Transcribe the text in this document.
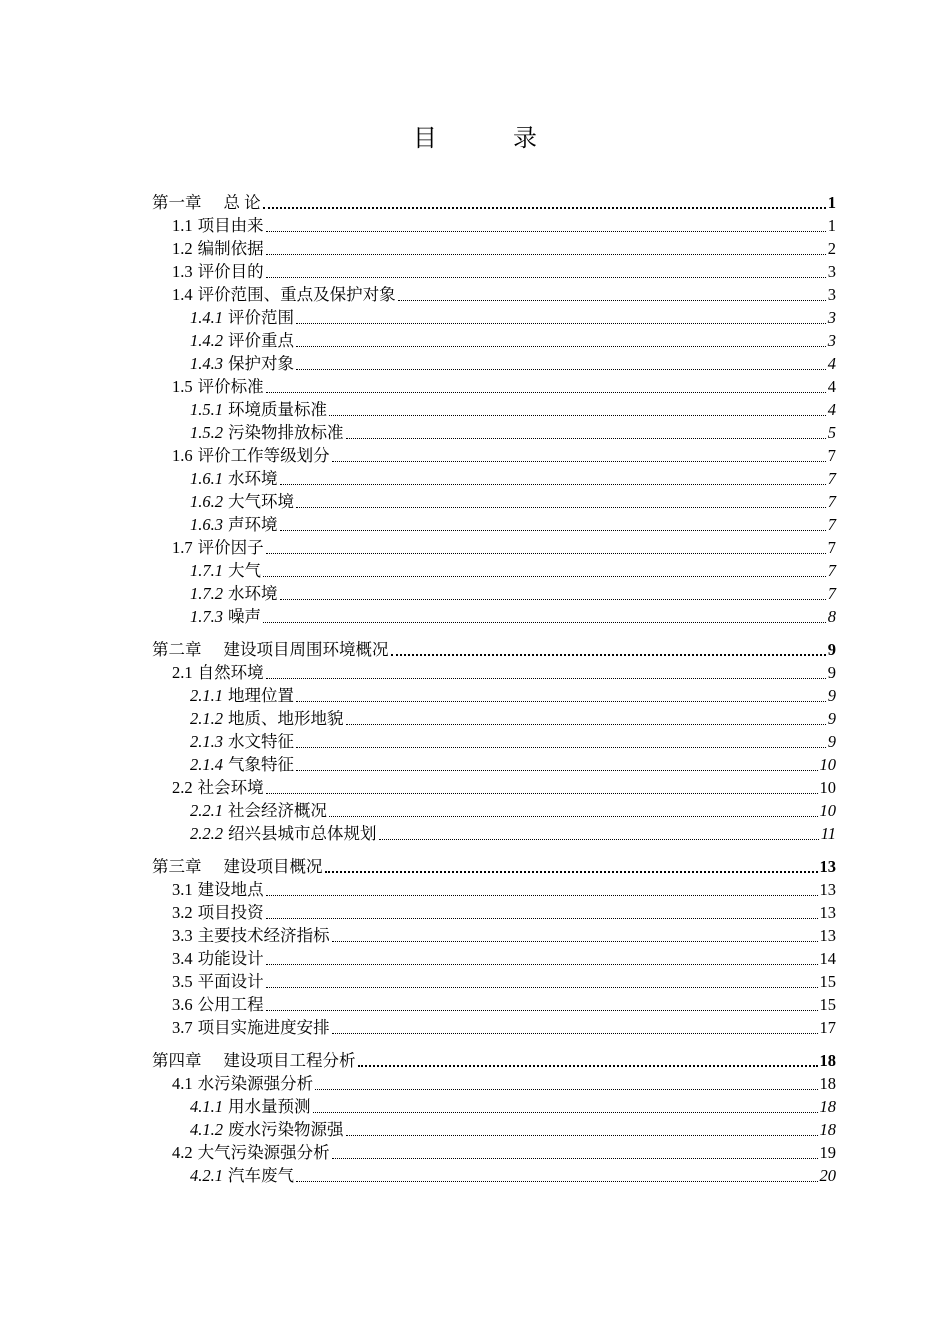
目　录
第一章 总 论	1
1.1 项目由来	1
1.2 编制依据	2
1.3 评价目的	3
1.4 评价范围、重点及保护对象	3
1.4.1 评价范围	3
1.4.2 评价重点	3
1.4.3 保护对象	4
1.5 评价标准	4
1.5.1 环境质量标准	4
1.5.2 污染物排放标准	5
1.6 评价工作等级划分	7
1.6.1 水环境	7
1.6.2 大气环境	7
1.6.3 声环境	7
1.7 评价因子	7
1.7.1 大气	7
1.7.2 水环境	7
1.7.3 噪声	8
第二章 建设项目周围环境概况	9
2.1 自然环境	9
2.1.1 地理位置	9
2.1.2 地质、地形地貌	9
2.1.3 水文特征	9
2.1.4 气象特征	10
2.2 社会环境	10
2.2.1 社会经济概况	10
2.2.2 绍兴县城市总体规划	11
第三章 建设项目概况	13
3.1 建设地点	13
3.2 项目投资	13
3.3 主要技术经济指标	13
3.4 功能设计	14
3.5 平面设计	15
3.6 公用工程	15
3.7 项目实施进度安排	17
第四章 建设项目工程分析	18
4.1 水污染源强分析	18
4.1.1 用水量预测	18
4.1.2 废水污染物源强	18
4.2 大气污染源强分析	19
4.2.1 汽车废气	20
